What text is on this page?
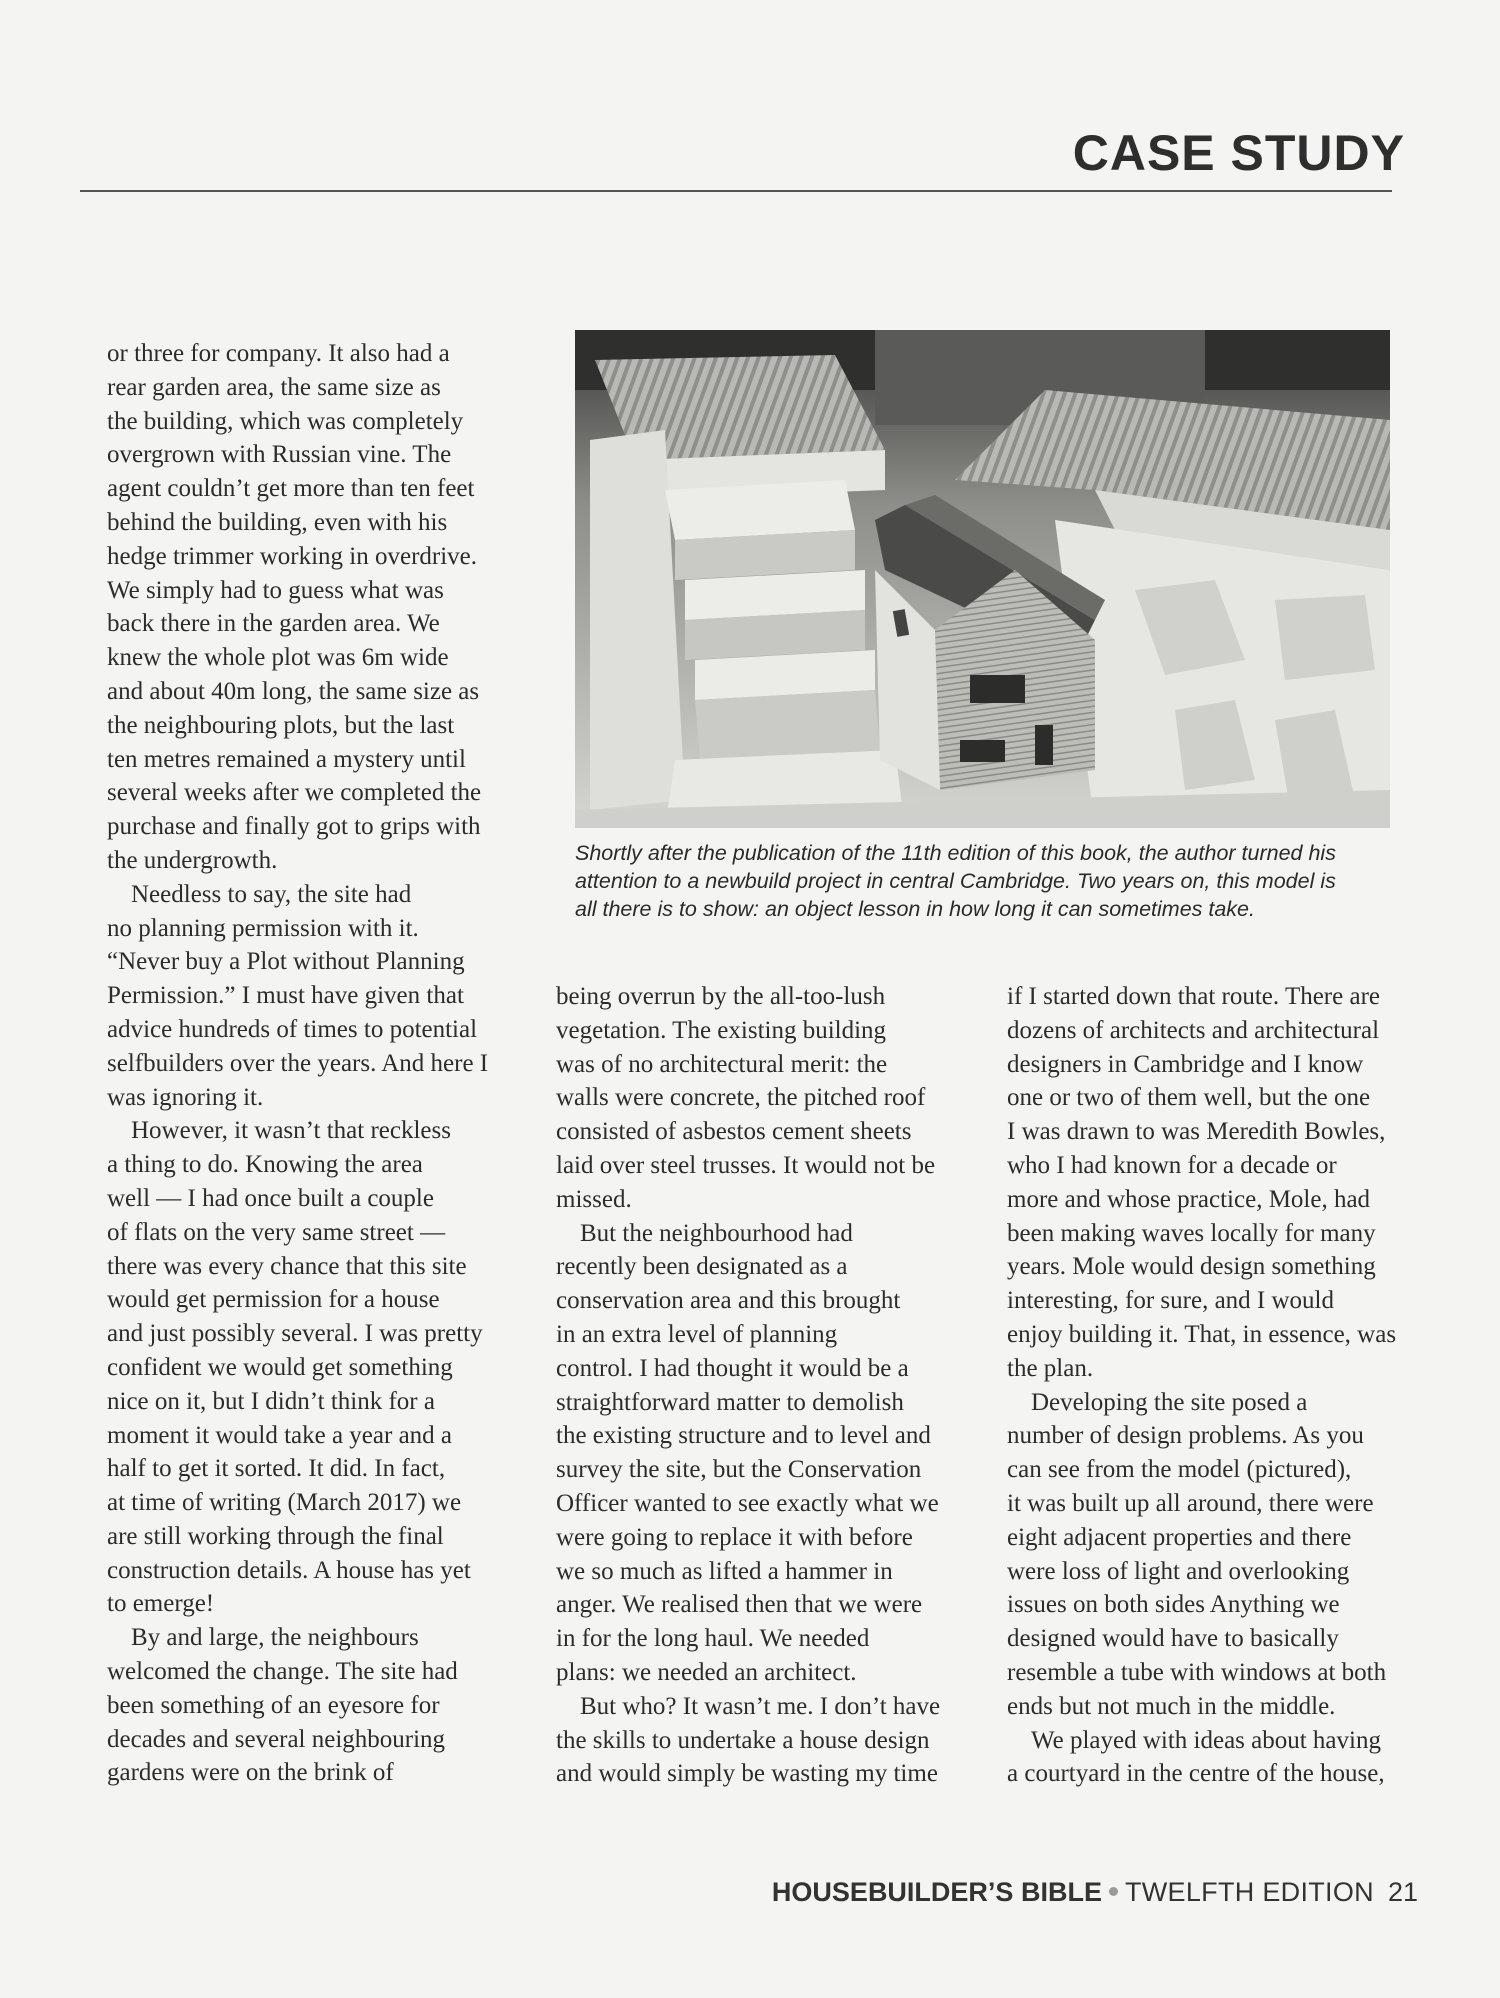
CASE STUDY

or three for company. It also had a
rear garden area, the same size as
the building, which was completely
overgrown with Russian vine. The
agent couldn’t get more than ten feet
behind the building, even with his
hedge trimmer working in overdrive.
We simply had to guess what was
back there in the garden area. We
knew the whole plot was 6m wide
and about 40m long, the same size as
the neighbouring plots, but the last
ten metres remained a mystery until
several weeks after we completed the
purchase and finally got to grips with
the undergrowth.

Needless to say, the site had
no planning permission with it.
“Never buy a Plot without Planning
Permission.” I must have given that
advice hundreds of times to potential
selfbuilders over the years. And here I
was ignoring it.

However, it wasn’t that reckless
a thing to do. Knowing the area
well — I had once built a couple
of flats on the very same street —
there was every chance that this site
would get permission for a house
and just possibly several. I was pretty
confident we would get something
nice on it, but I didn’t think for a
moment it would take a year and a
half to get it sorted. It did. In fact,
at time of writing (March 2017) we
are still working through the final
construction details. A house has yet
to emerge!

By and large, the neighbours
welcomed the change. The site had
been something of an eyesore for
decades and several neighbouring
gardens were on the brink of

Shortly after the publication of the 11th edition of this book, the author turned his
attention to a newbuild project in central Cambridge. Two years on, this model is
all there is to show: an object lesson in how long it can sometimes take.

being overrun by the all-too-lush
vegetation. The existing building
was of no architectural merit: the
walls were concrete, the pitched roof
consisted of asbestos cement sheets
laid over steel trusses. It would not be
missed.

But the neighbourhood had
recently been designated as a
conservation area and this brought
in an extra level of planning
control. I had thought it would be a
straightforward matter to demolish
the existing structure and to level and
survey the site, but the Conservation
Officer wanted to see exactly what we
were going to replace it with before
we so much as lifted a hammer in
anger. We realised then that we were
in for the long haul. We needed
plans: we needed an architect.

But who? It wasn’t me. I don’t have
the skills to undertake a house design
and would simply be wasting my time

if I started down that route. There are
dozens of architects and architectural
designers in Cambridge and I know
one or two of them well, but the one
I was drawn to was Meredith Bowles,
who I had known for a decade or
more and whose practice, Mole, had
been making waves locally for many
years. Mole would design something
interesting, for sure, and I would
enjoy building it. That, in essence, was
the plan.

Developing the site posed a
number of design problems. As you
can see from the model (pictured),
it was built up all around, there were
eight adjacent properties and there
were loss of light and overlooking
issues on both sides Anything we
designed would have to basically
resemble a tube with windows at both
ends but not much in the middle.

We played with ideas about having
a courtyard in the centre of the house,

HOUSEBUILDER’S BIBLE TWELFTH EDITION 21
